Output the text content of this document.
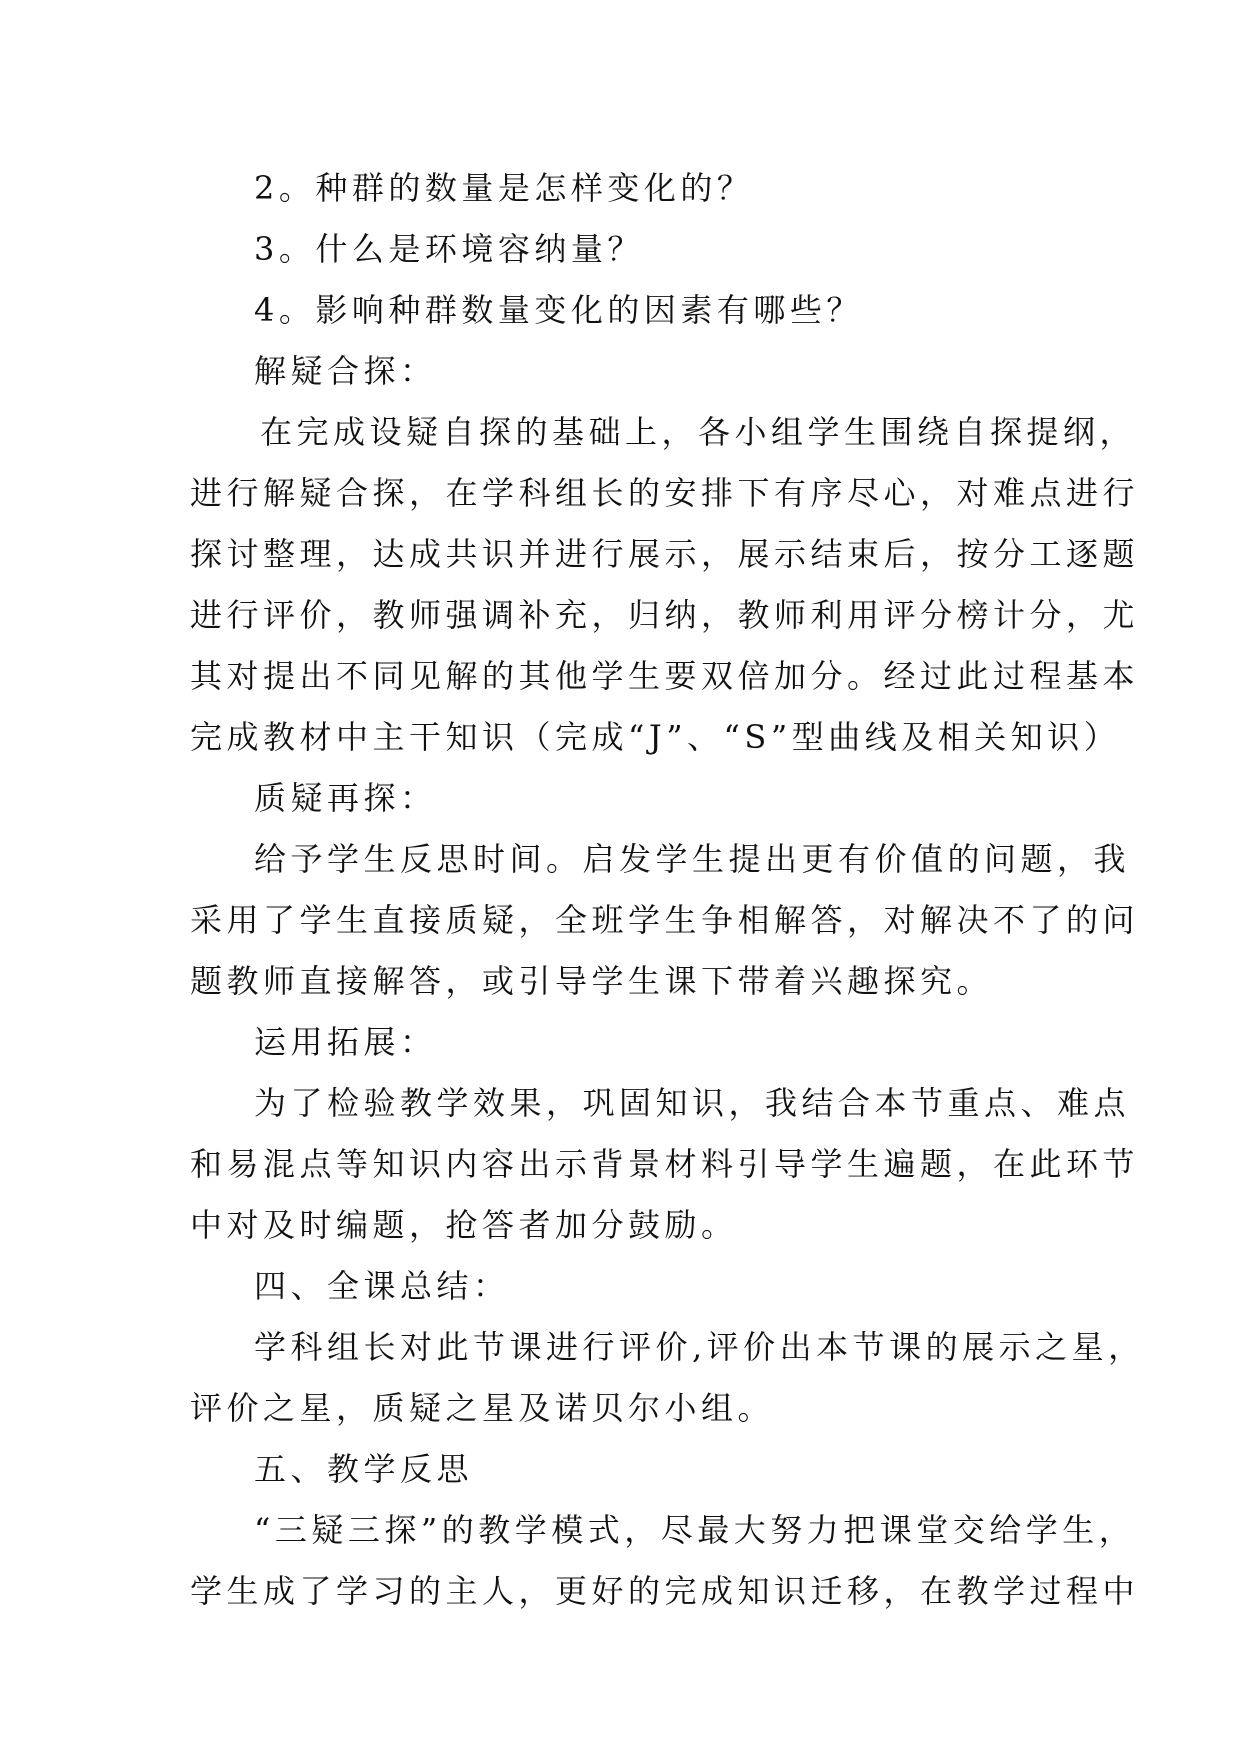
2。种群的数量是怎样变化的？
3。什么是环境容纳量？
4。影响种群数量变化的因素有哪些？
解疑合探：
在完成设疑自探的基础上，各小组学生围绕自探提纲，
进行解疑合探，在学科组长的安排下有序尽心，对难点进行
探讨整理，达成共识并进行展示，展示结束后，按分工逐题
进行评价，教师强调补充，归纳，教师利用评分榜计分，尤
其对提出不同见解的其他学生要双倍加分。经过此过程基本
完成教材中主干知识（完成“J”、“S”型曲线及相关知识）
质疑再探：
给予学生反思时间。启发学生提出更有价值的问题，我
采用了学生直接质疑，全班学生争相解答，对解决不了的问
题教师直接解答，或引导学生课下带着兴趣探究。
运用拓展：
为了检验教学效果，巩固知识，我结合本节重点、难点
和易混点等知识内容出示背景材料引导学生遍题，在此环节
中对及时编题，抢答者加分鼓励。
四、全课总结：
学科组长对此节课进行评价,评价出本节课的展示之星，
评价之星，质疑之星及诺贝尔小组。
五、教学反思
“三疑三探”的教学模式，尽最大努力把课堂交给学生，
学生成了学习的主人，更好的完成知识迁移，在教学过程中
